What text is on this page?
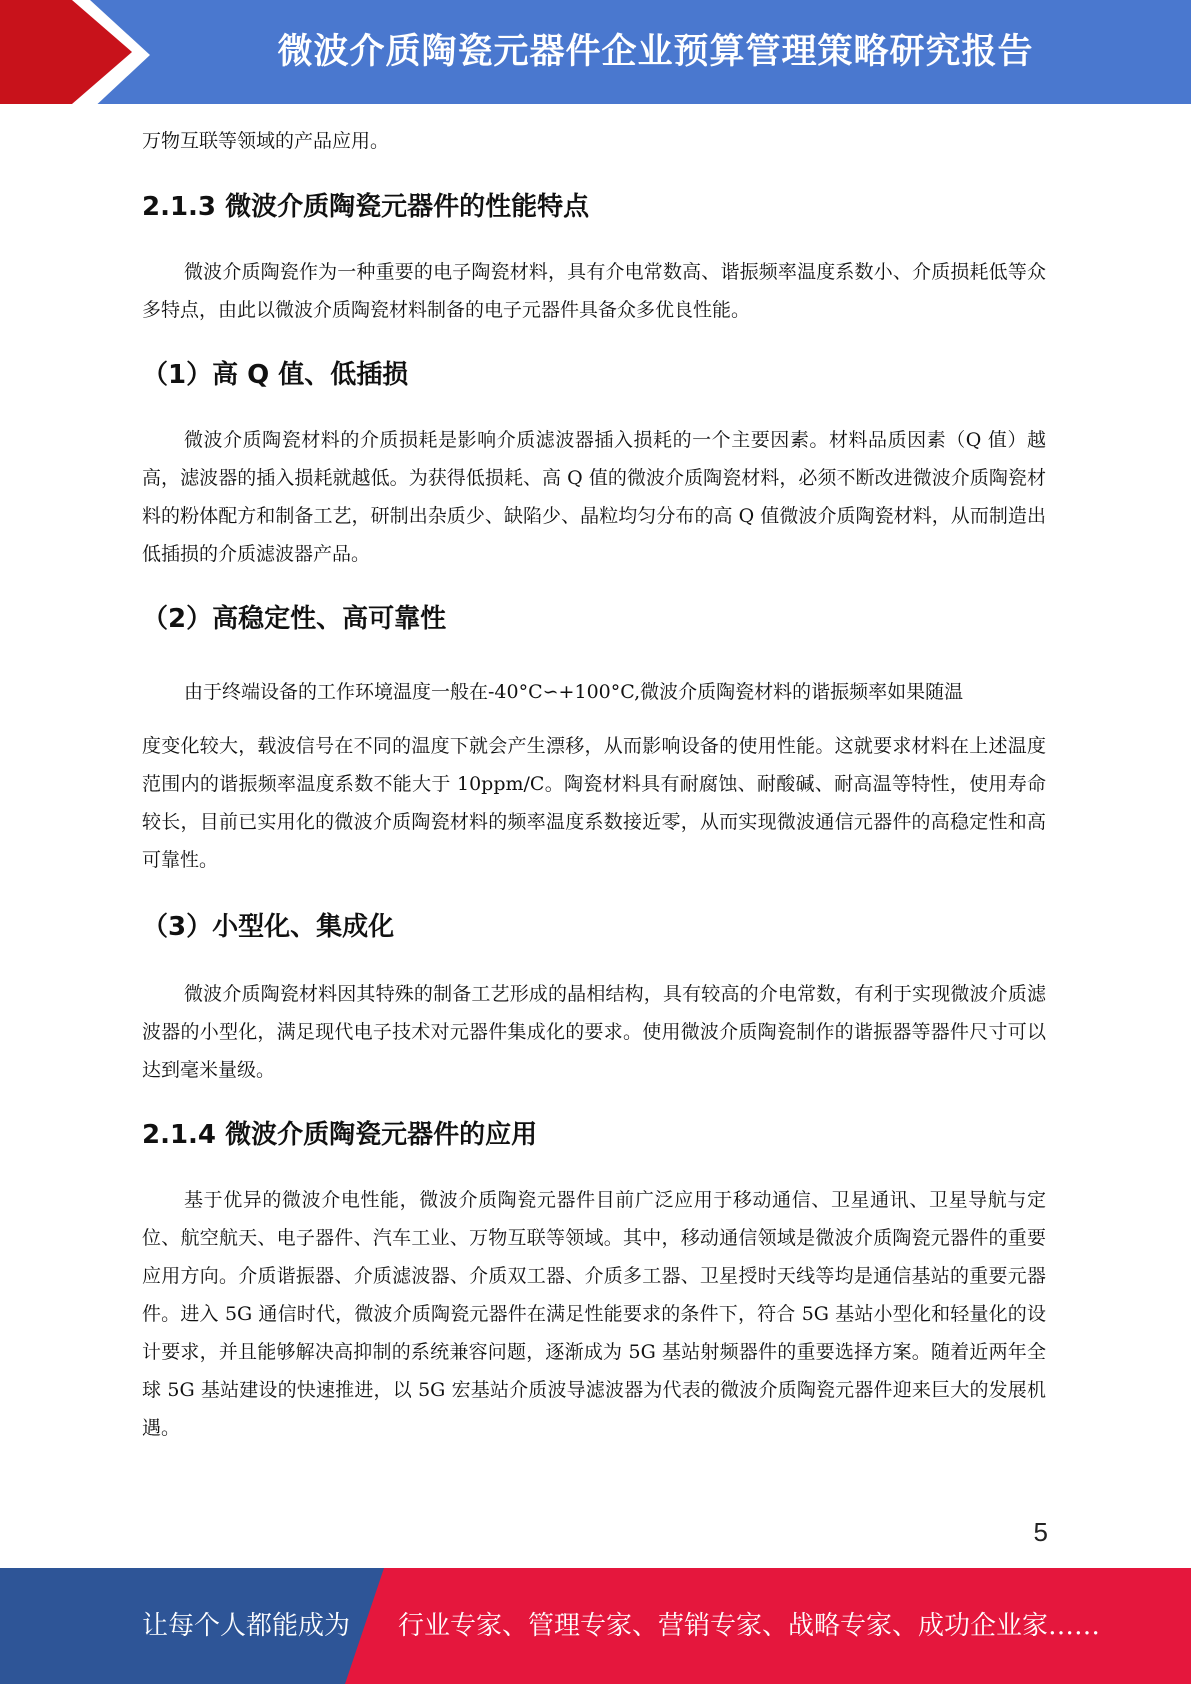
微波介质陶瓷元器件企业预算管理策略研究报告

万物互联等领域的产品应用。

2.1.3 微波介质陶瓷元器件的性能特点

微波介质陶瓷作为一种重要的电子陶瓷材料，具有介电常数高、谐振频率温度系数小、介质损耗低等众多特点，由此以微波介质陶瓷材料制备的电子元器件具备众多优良性能。

（1）高 Q 值、低插损

微波介质陶瓷材料的介质损耗是影响介质滤波器插入损耗的一个主要因素。材料品质因素（Q 值）越高，滤波器的插入损耗就越低。为获得低损耗、高 Q 值的微波介质陶瓷材料，必须不断改进微波介质陶瓷材料的粉体配方和制备工艺，研制出杂质少、缺陷少、晶粒均匀分布的高 Q 值微波介质陶瓷材料，从而制造出低插损的介质滤波器产品。

（2）高稳定性、高可靠性

由于终端设备的工作环境温度一般在-40°C∽+100°C,微波介质陶瓷材料的谐振频率如果随温

度变化较大，载波信号在不同的温度下就会产生漂移，从而影响设备的使用性能。这就要求材料在上述温度范围内的谐振频率温度系数不能大于 10ppm/C。陶瓷材料具有耐腐蚀、耐酸碱、耐高温等特性，使用寿命较长，目前已实用化的微波介质陶瓷材料的频率温度系数接近零，从而实现微波通信元器件的高稳定性和高可靠性。

（3）小型化、集成化

微波介质陶瓷材料因其特殊的制备工艺形成的晶相结构，具有较高的介电常数，有利于实现微波介质滤波器的小型化，满足现代电子技术对元器件集成化的要求。使用微波介质陶瓷制作的谐振器等器件尺寸可以达到毫米量级。

2.1.4 微波介质陶瓷元器件的应用

基于优异的微波介电性能，微波介质陶瓷元器件目前广泛应用于移动通信、卫星通讯、卫星导航与定位、航空航天、电子器件、汽车工业、万物互联等领域。其中，移动通信领域是微波介质陶瓷元器件的重要应用方向。介质谐振器、介质滤波器、介质双工器、介质多工器、卫星授时天线等均是通信基站的重要元器件。进入 5G 通信时代，微波介质陶瓷元器件在满足性能要求的条件下，符合 5G 基站小型化和轻量化的设计要求，并且能够解决高抑制的系统兼容问题，逐渐成为 5G 基站射频器件的重要选择方案。随着近两年全球 5G 基站建设的快速推进，以 5G 宏基站介质波导滤波器为代表的微波介质陶瓷元器件迎来巨大的发展机遇。

5
让每个人都能成为 行业专家、管理专家、营销专家、战略专家、成功企业家……
